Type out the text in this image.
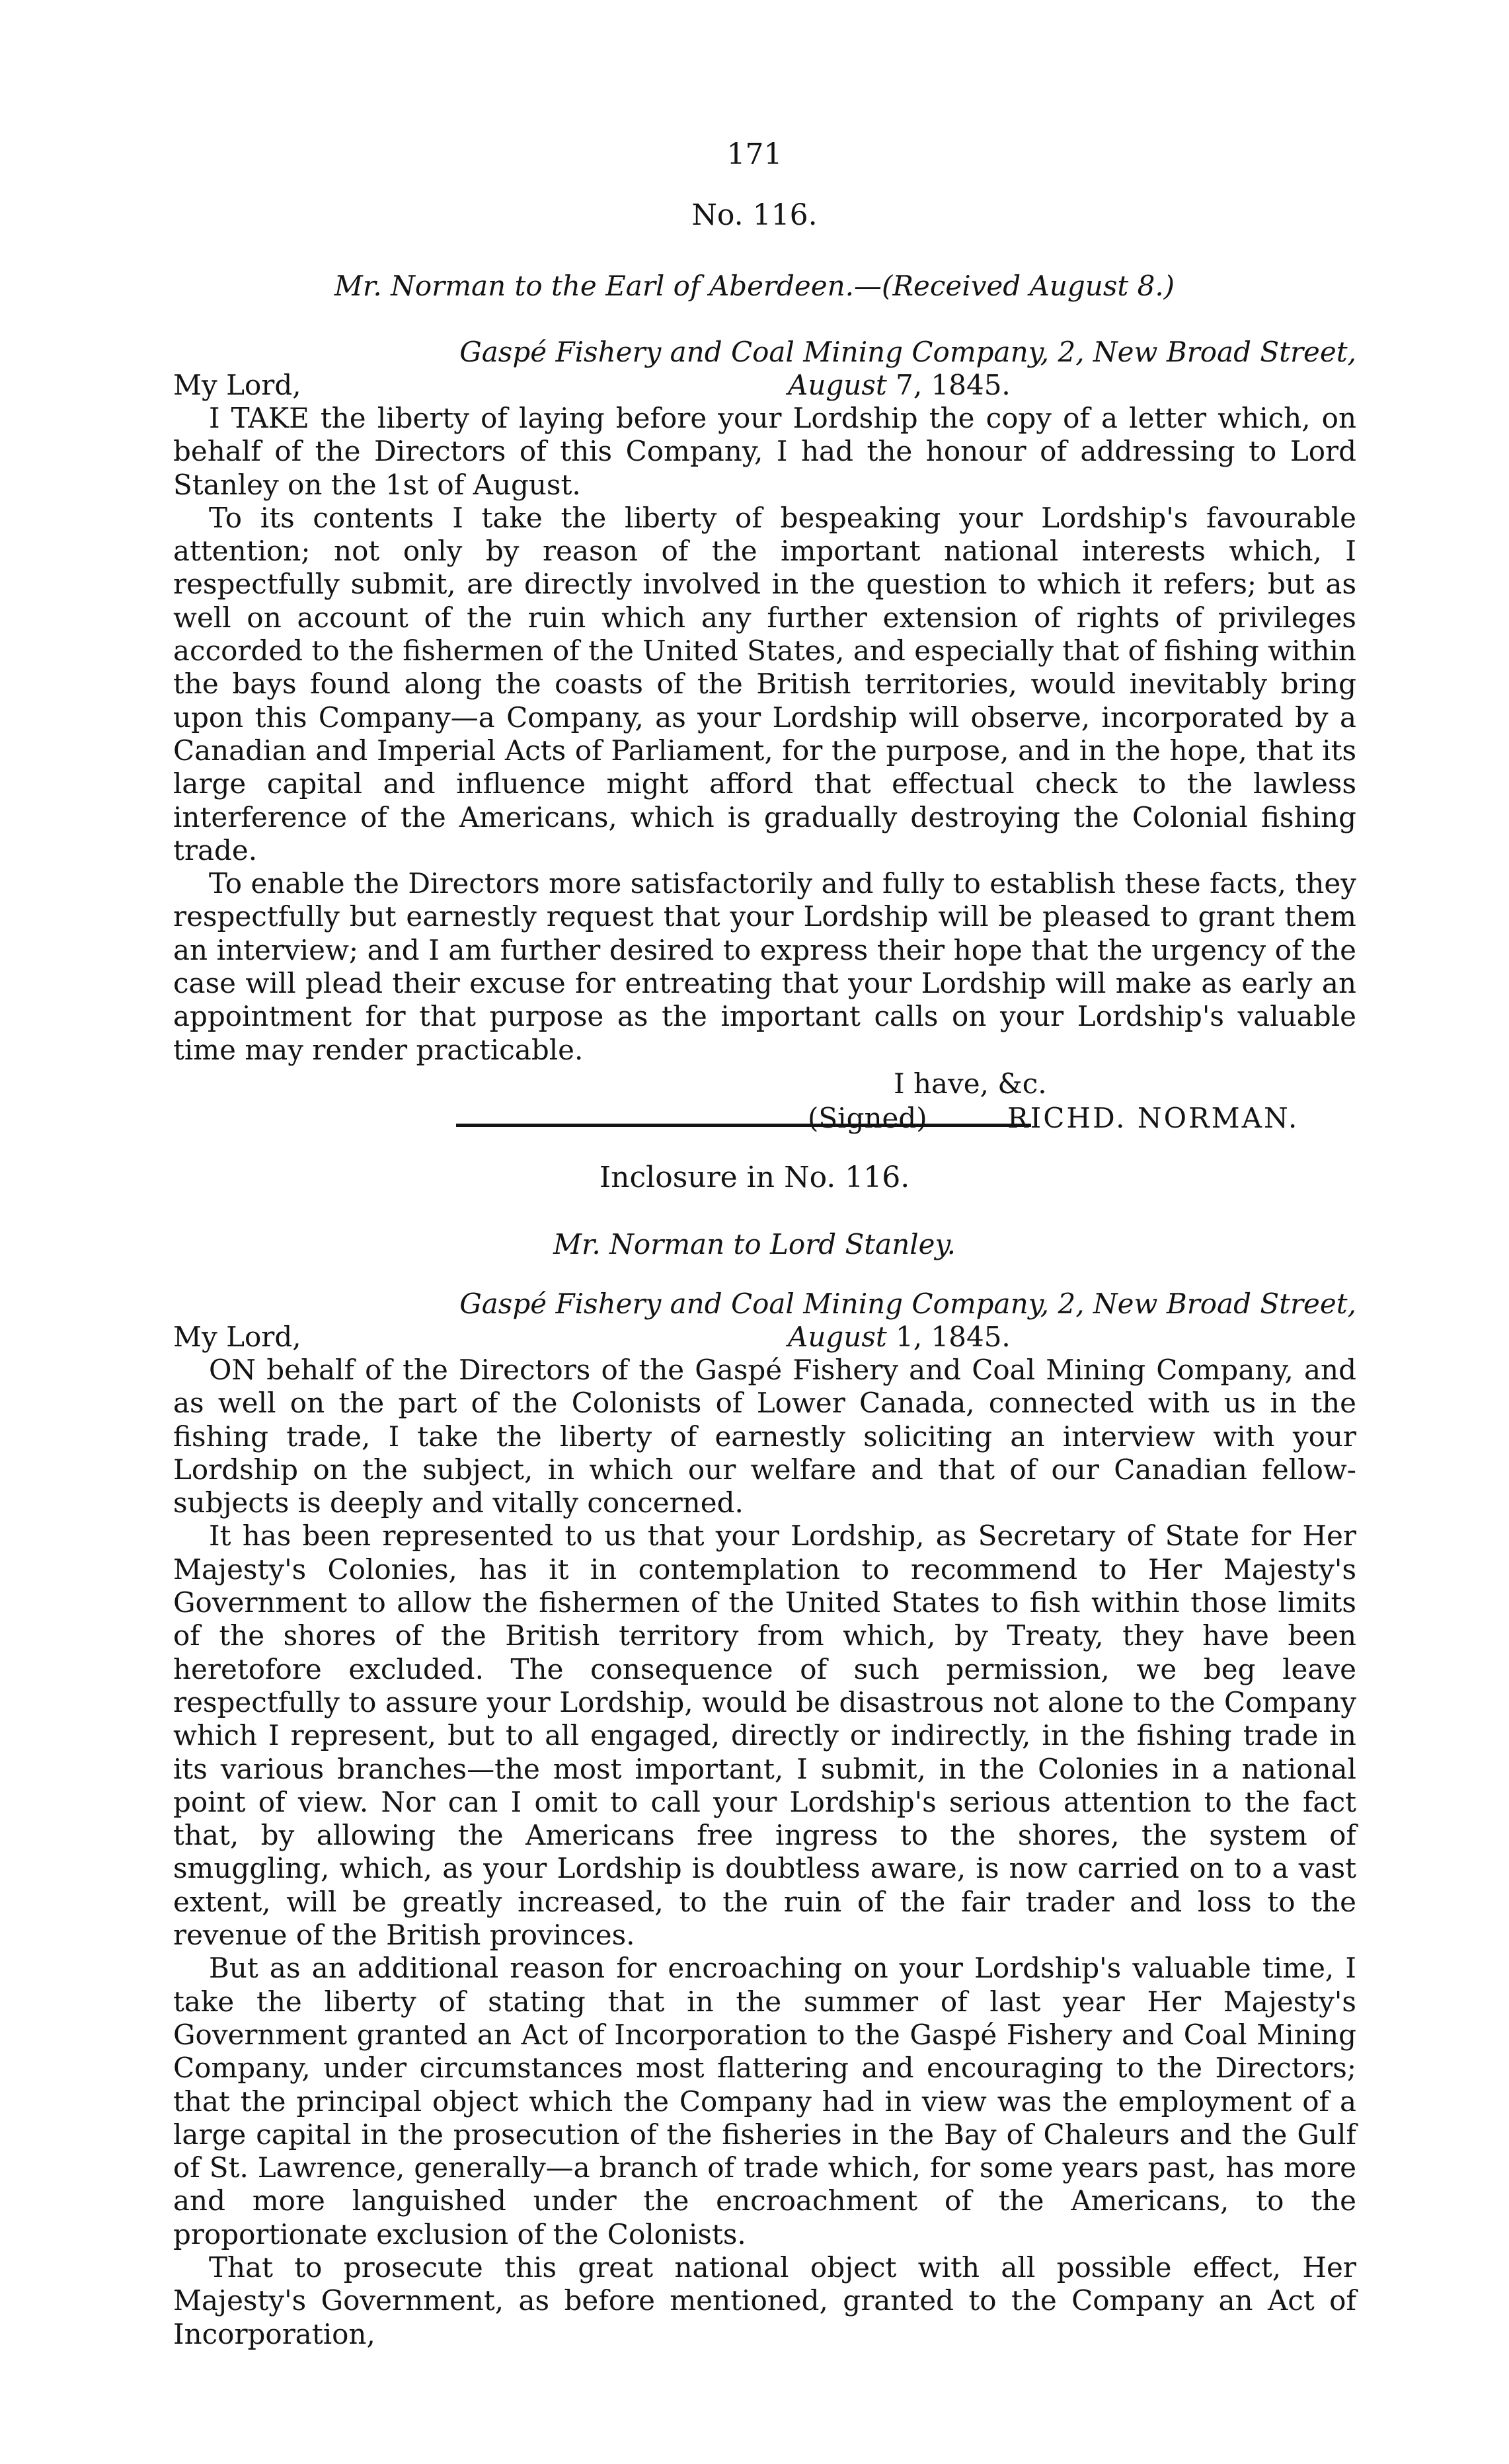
171
No. 116.
Mr. Norman to the Earl of Aberdeen.—(Received August 8.)
Gaspé Fishery and Coal Mining Company, 2, New Broad Street,
My Lord,	August 7, 1845.

I TAKE the liberty of laying before your Lordship the copy of a letter which, on behalf of the Directors of this Company, I had the honour of addressing to Lord Stanley on the 1st of August.

To its contents I take the liberty of bespeaking your Lordship's favourable attention; not only by reason of the important national interests which, I respectfully submit, are directly involved in the question to which it refers; but as well on account of the ruin which any further extension of rights of privileges accorded to the fishermen of the United States, and especially that of fishing within the bays found along the coasts of the British territories, would inevitably bring upon this Company—a Company, as your Lordship will observe, incorporated by a Canadian and Imperial Acts of Parliament, for the purpose, and in the hope, that its large capital and influence might afford that effectual check to the lawless interference of the Americans, which is gradually destroying the Colonial fishing trade.

To enable the Directors more satisfactorily and fully to establish these facts, they respectfully but earnestly request that your Lordship will be pleased to grant them an interview; and I am further desired to express their hope that the urgency of the case will plead their excuse for entreating that your Lordship will make as early an appointment for that purpose as the important calls on your Lordship's valuable time may render practicable.

I have, &c.
(Signed)	RICHD. NORMAN.
Inclosure in No. 116.
Mr. Norman to Lord Stanley.
Gaspé Fishery and Coal Mining Company, 2, New Broad Street,
My Lord,	August 1, 1845.

ON behalf of the Directors of the Gaspé Fishery and Coal Mining Company, and as well on the part of the Colonists of Lower Canada, connected with us in the fishing trade, I take the liberty of earnestly soliciting an interview with your Lordship on the subject, in which our welfare and that of our Canadian fellow-subjects is deeply and vitally concerned.

It has been represented to us that your Lordship, as Secretary of State for Her Majesty's Colonies, has it in contemplation to recommend to Her Majesty's Government to allow the fishermen of the United States to fish within those limits of the shores of the British territory from which, by Treaty, they have been heretofore excluded. The consequence of such permission, we beg leave respectfully to assure your Lordship, would be disastrous not alone to the Company which I represent, but to all engaged, directly or indirectly, in the fishing trade in its various branches—the most important, I submit, in the Colonies in a national point of view. Nor can I omit to call your Lordship's serious attention to the fact that, by allowing the Americans free ingress to the shores, the system of smuggling, which, as your Lordship is doubtless aware, is now carried on to a vast extent, will be greatly increased, to the ruin of the fair trader and loss to the revenue of the British provinces.

But as an additional reason for encroaching on your Lordship's valuable time, I take the liberty of stating that in the summer of last year Her Majesty's Government granted an Act of Incorporation to the Gaspé Fishery and Coal Mining Company, under circumstances most flattering and encouraging to the Directors; that the principal object which the Company had in view was the employment of a large capital in the prosecution of the fisheries in the Bay of Chaleurs and the Gulf of St. Lawrence, generally—a branch of trade which, for some years past, has more and more languished under the encroachment of the Americans, to the proportionate exclusion of the Colonists.

That to prosecute this great national object with all possible effect, Her Majesty's Government, as before mentioned, granted to the Company an Act of Incorporation,
